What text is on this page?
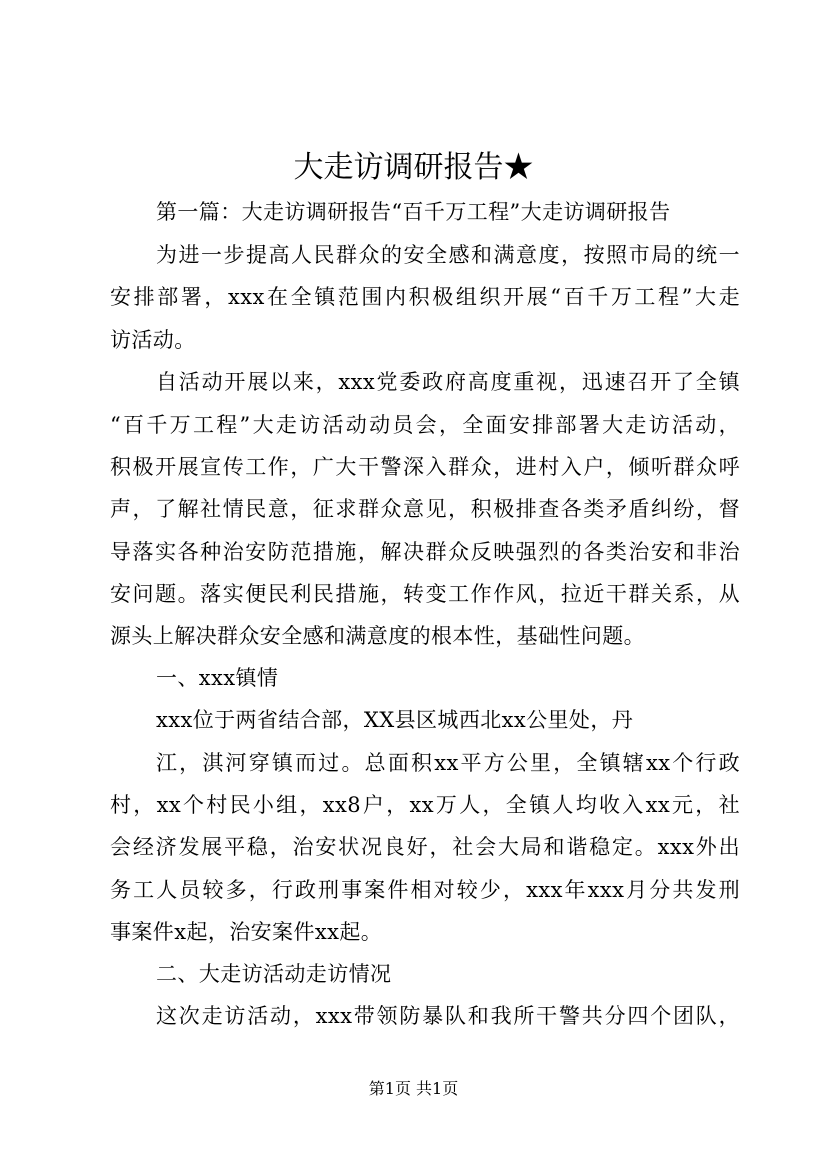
大走访调研报告★
第一篇：大走访调研报告“百千万工程”大走访调研报告
为进一步提高人民群众的安全感和满意度，按照市局的统一
安排部署，xxx在全镇范围内积极组织开展“百千万工程”大走
访活动。
自活动开展以来，xxx党委政府高度重视，迅速召开了全镇
“百千万工程”大走访活动动员会，全面安排部署大走访活动，
积极开展宣传工作，广大干警深入群众，进村入户，倾听群众呼
声，了解社情民意，征求群众意见，积极排查各类矛盾纠纷，督
导落实各种治安防范措施，解决群众反映强烈的各类治安和非治
安问题。落实便民利民措施，转变工作作风，拉近干群关系，从
源头上解决群众安全感和满意度的根本性，基础性问题。
一、xxx镇情
xxx位于两省结合部，XX县区城西北xx公里处，丹
江，淇河穿镇而过。总面积xx平方公里，全镇辖xx个行政
村，xx个村民小组，xx8户，xx万人，全镇人均收入xx元，社
会经济发展平稳，治安状况良好，社会大局和谐稳定。xxx外出
务工人员较多，行政刑事案件相对较少，xxx年xxx月分共发刑
事案件x起，治安案件xx起。
二、大走访活动走访情况
这次走访活动，xxx带领防暴队和我所干警共分四个团队，
第1页 共1页
